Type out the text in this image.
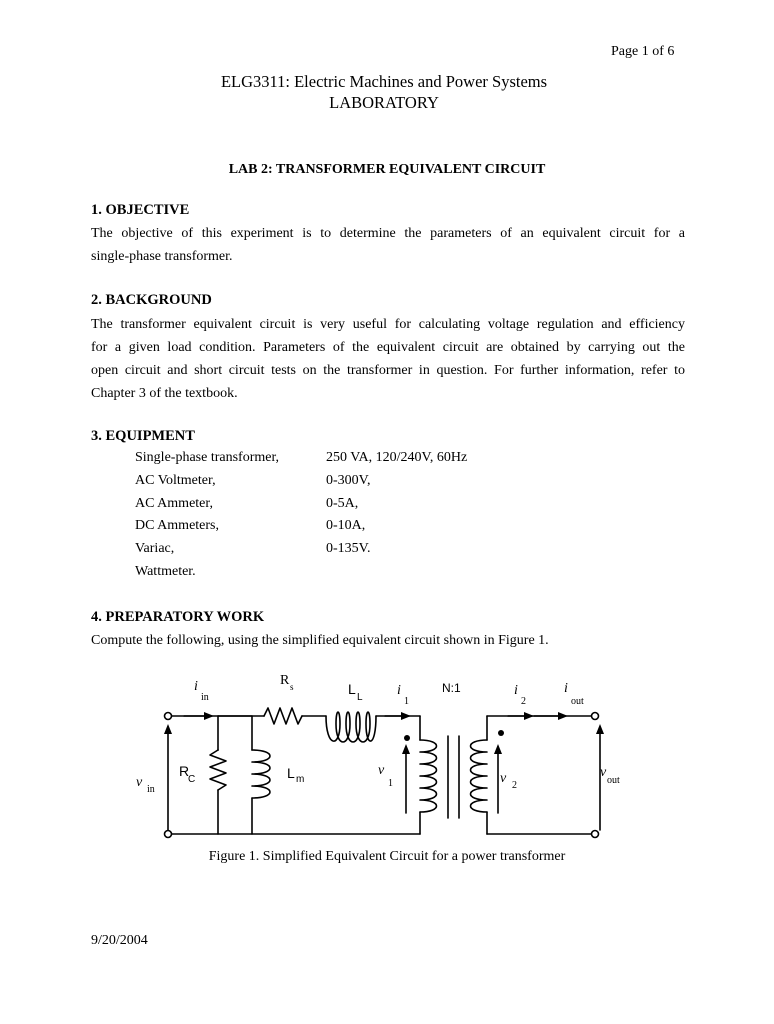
Page 1 of 6
ELG3311: Electric Machines and Power Systems
LABORATORY
LAB 2: TRANSFORMER EQUIVALENT CIRCUIT
1. OBJECTIVE
The objective of this experiment is to determine the parameters of an equivalent circuit for a
single-phase transformer.
2. BACKGROUND
The transformer equivalent circuit is very useful for calculating voltage regulation and efficiency
for a given load condition. Parameters of the equivalent circuit are obtained by carrying out the
open circuit and short circuit tests on the transformer in question. For further information, refer to
Chapter 3 of the textbook.
3. EQUIPMENT
Single-phase transformer,	250 VA, 120/240V, 60Hz
AC Voltmeter,	0-300V,
AC Ammeter,	0-5A,
DC Ammeters,	0-10A,
Variac,	0-135V.
Wattmeter.
4. PREPARATORY WORK
Compute the following, using the simplified equivalent circuit shown in Figure 1.
i
in
R s	L
L i
1
N:1	i
2
i
out
R
C	L m
v in
v
1	v 2
v
out
Figure 1. Simplified Equivalent Circuit for a power transformer
9/20/2004
